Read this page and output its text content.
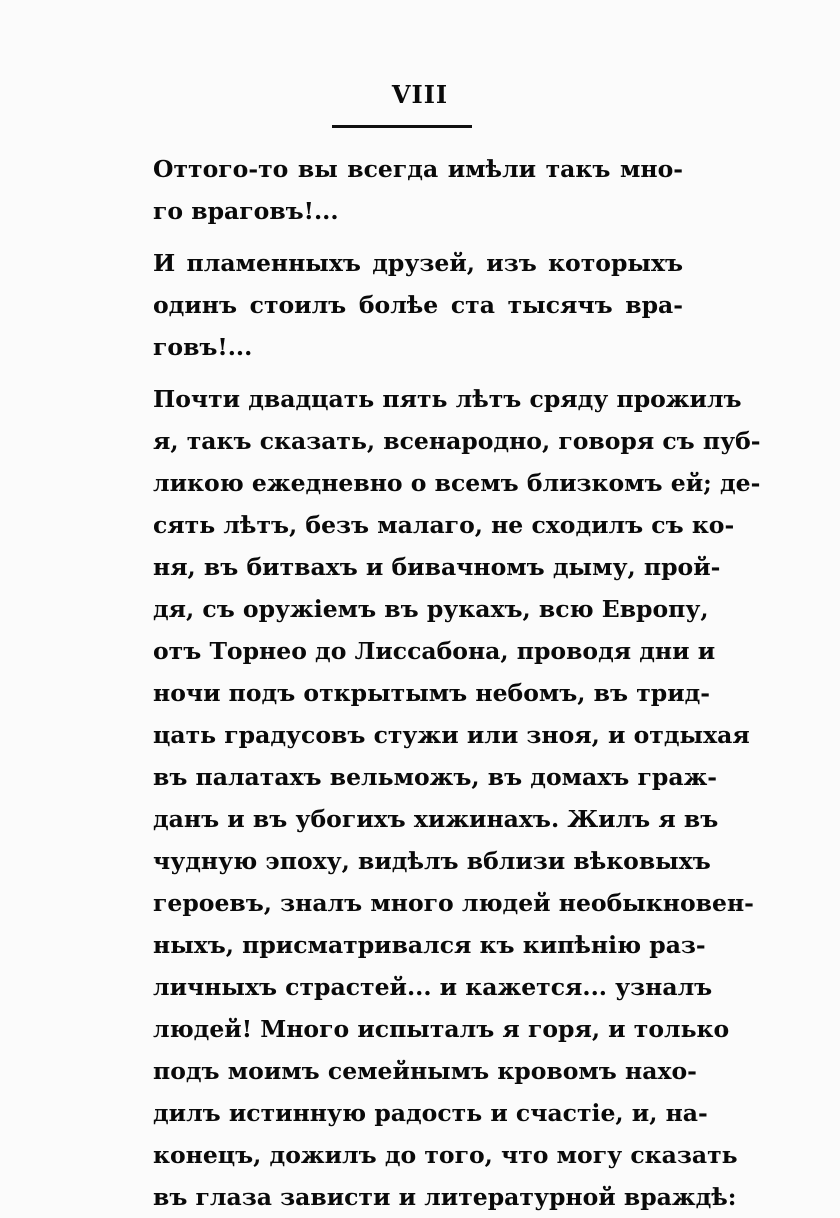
VIII
Оттого-то вы всегда имѣли такъ мно-
го враговъ!...
И пламенныхъ друзей, изъ которыхъ
одинъ стоилъ болѣе ста тысячъ вра-
говъ!...
Почти двадцать пять лѣтъ сряду прожилъ
я, такъ сказать, всенародно, говоря съ пуб-
ликою ежедневно о всемъ близкомъ ей; де-
сять лѣтъ, безъ малаго, не сходилъ съ ко-
ня, въ битвахъ и бивачномъ дыму, прой-
дя, съ оружіемъ въ рукахъ, всю Европу,
отъ Торнео до Лиссабона, проводя дни и
ночи подъ открытымъ небомъ, въ трид-
цать градусовъ стужи или зноя, и отдыхая
въ палатахъ вельможъ, въ домахъ граж-
данъ и въ убогихъ хижинахъ. Жилъ я въ
чудную эпоху, видѣлъ вблизи вѣковыхъ
героевъ, зналъ много людей необыкновен-
ныхъ, присматривался къ кипѣнію раз-
личныхъ страстей... и кажется... узналъ
людей! Много испыталъ я горя, и только
подъ моимъ семейнымъ кровомъ нахо-
дилъ истинную радость и счастіе, и, на-
конецъ, дожилъ до того, что могу сказать
въ глаза зависти и литературной враждѣ:
